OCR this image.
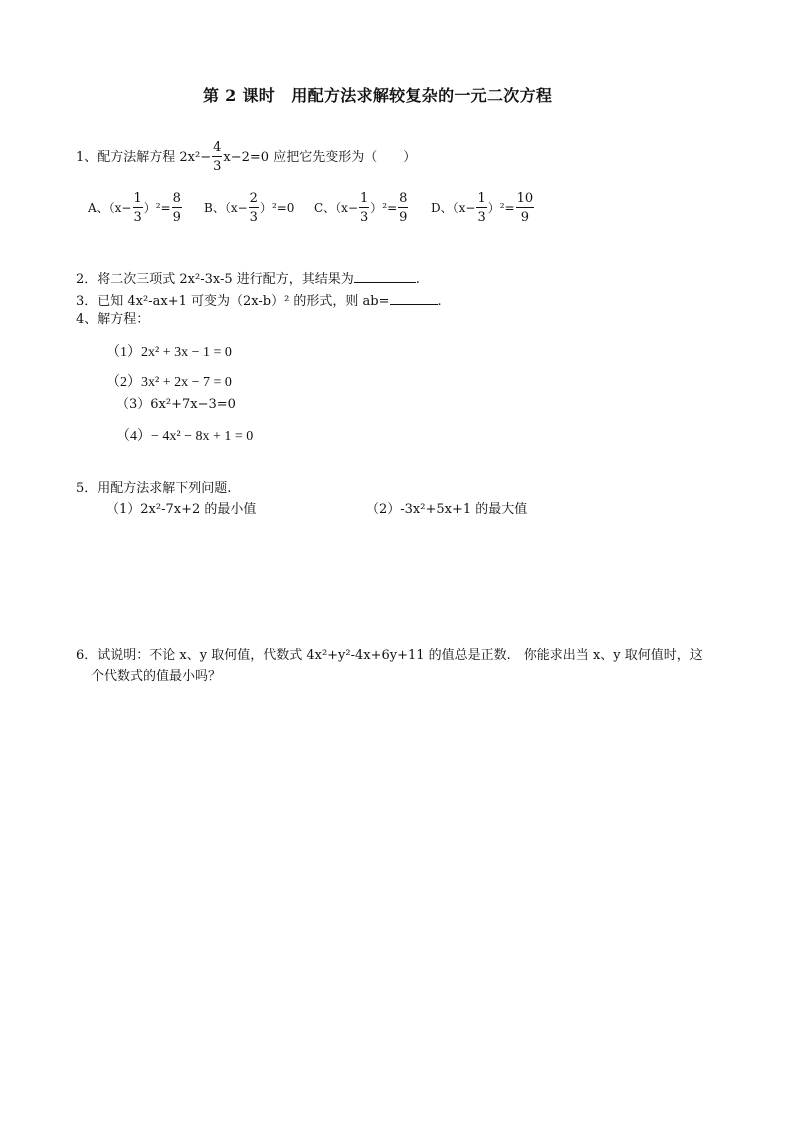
第 2 课时　用配方法求解较复杂的一元二次方程
1、配方法解方程 $2x^2- \frac{4}{3} x-2=0$ 应把它先变形为（　　）
A、$(x- \frac{1}{3} )^2= \frac{8}{9}$ B、$(x- \frac{2}{3} )^2=0$ C、$(x- \frac{1}{3} )^2= \frac{8}{9}$ D、$(x- \frac{1}{3} )^2= \frac{10}{9}$
2．将二次三项式 2x²-3x-5 进行配方，其结果为	.
3．已知 4x²-ax+1 可变为（2x-b）² 的形式，则 ab=	.
4、解方程：
（1）2x² + 3x − 1 = 0
（2）3x² + 2x − 7 = 0
（3）6x²+7x−3=0
（4）− 4x² − 8x + 1 = 0
5．用配方法求解下列问题.
（1）2x²-7x+2 的最小值	（2）-3x²+5x+1 的最大值
6．试说明：不论 x、y 取何值，代数式 4x²+y²-4x+6y+11 的值总是正数.　你能求出当 x、y 取何值时，这
个代数式的值最小吗？
